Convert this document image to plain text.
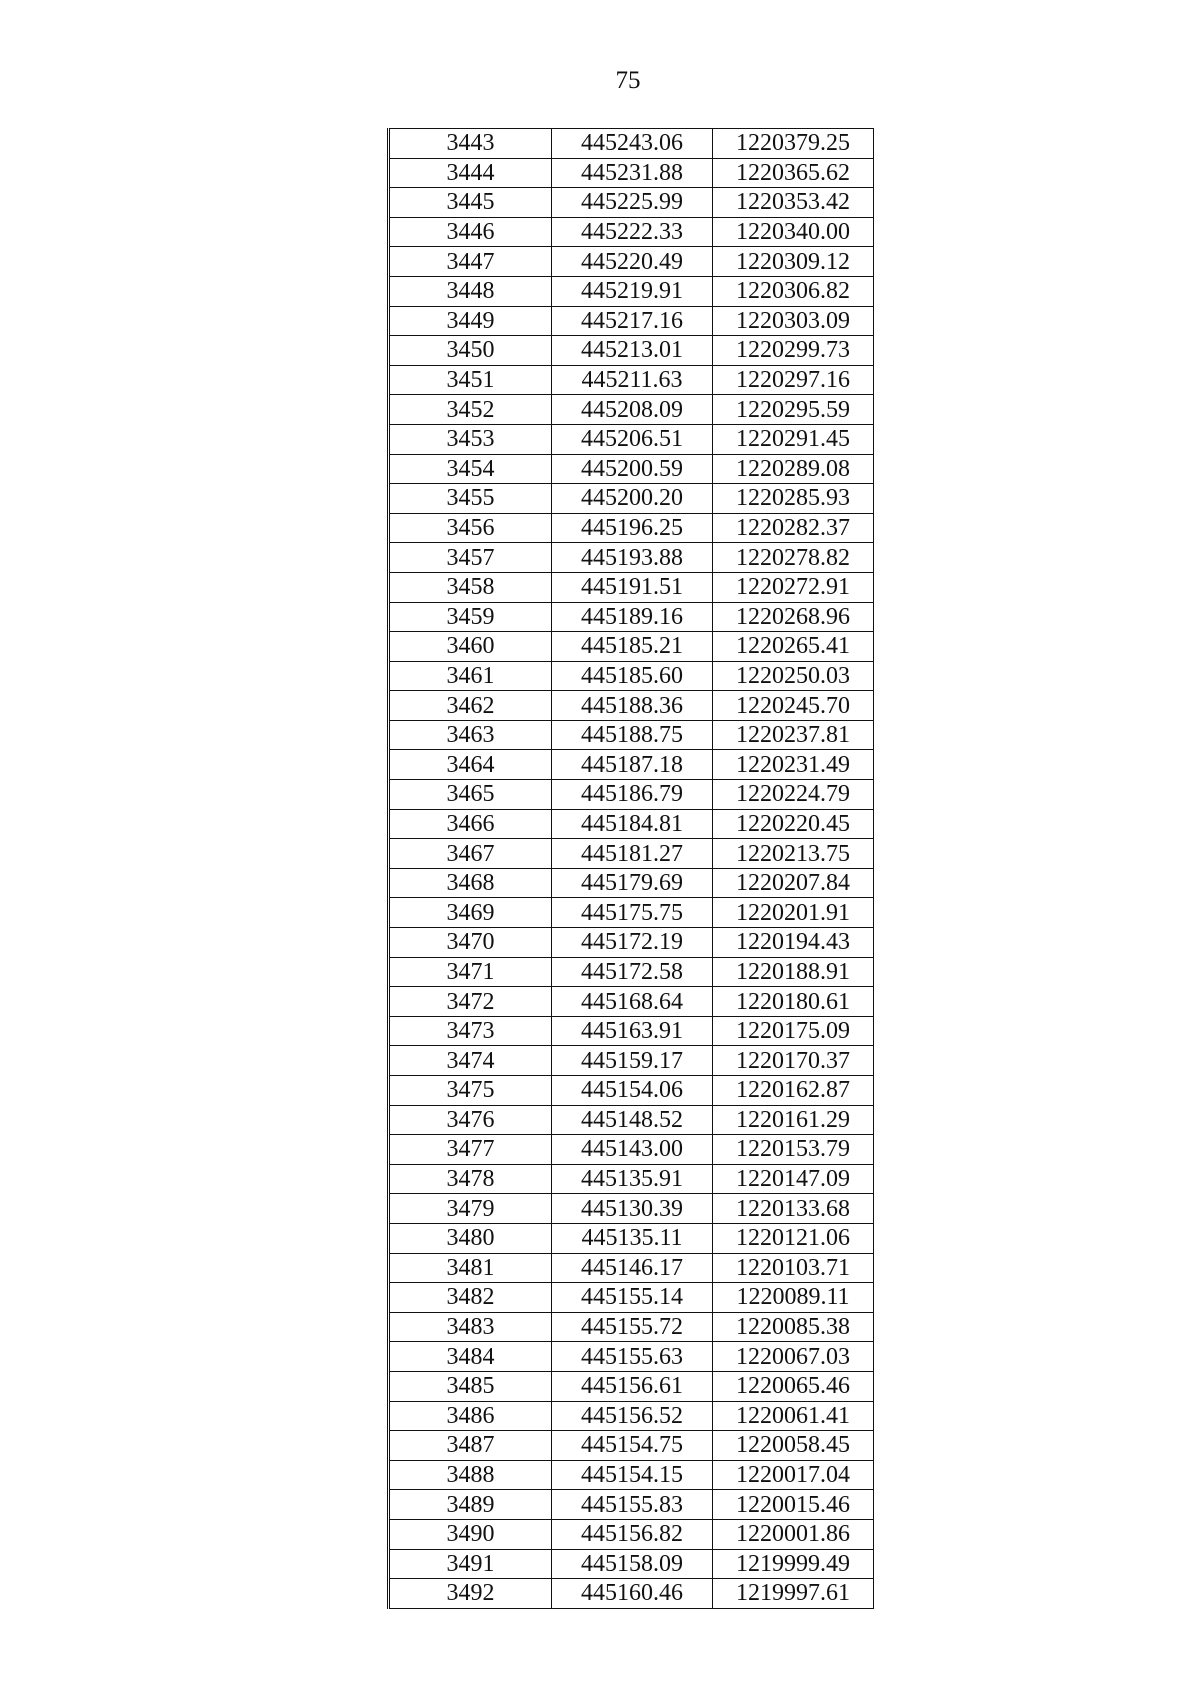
75
3443	445243.06	1220379.25
3444	445231.88	1220365.62
3445	445225.99	1220353.42
3446	445222.33	1220340.00
3447	445220.49	1220309.12
3448	445219.91	1220306.82
3449	445217.16	1220303.09
3450	445213.01	1220299.73
3451	445211.63	1220297.16
3452	445208.09	1220295.59
3453	445206.51	1220291.45
3454	445200.59	1220289.08
3455	445200.20	1220285.93
3456	445196.25	1220282.37
3457	445193.88	1220278.82
3458	445191.51	1220272.91
3459	445189.16	1220268.96
3460	445185.21	1220265.41
3461	445185.60	1220250.03
3462	445188.36	1220245.70
3463	445188.75	1220237.81
3464	445187.18	1220231.49
3465	445186.79	1220224.79
3466	445184.81	1220220.45
3467	445181.27	1220213.75
3468	445179.69	1220207.84
3469	445175.75	1220201.91
3470	445172.19	1220194.43
3471	445172.58	1220188.91
3472	445168.64	1220180.61
3473	445163.91	1220175.09
3474	445159.17	1220170.37
3475	445154.06	1220162.87
3476	445148.52	1220161.29
3477	445143.00	1220153.79
3478	445135.91	1220147.09
3479	445130.39	1220133.68
3480	445135.11	1220121.06
3481	445146.17	1220103.71
3482	445155.14	1220089.11
3483	445155.72	1220085.38
3484	445155.63	1220067.03
3485	445156.61	1220065.46
3486	445156.52	1220061.41
3487	445154.75	1220058.45
3488	445154.15	1220017.04
3489	445155.83	1220015.46
3490	445156.82	1220001.86
3491	445158.09	1219999.49
3492	445160.46	1219997.61
